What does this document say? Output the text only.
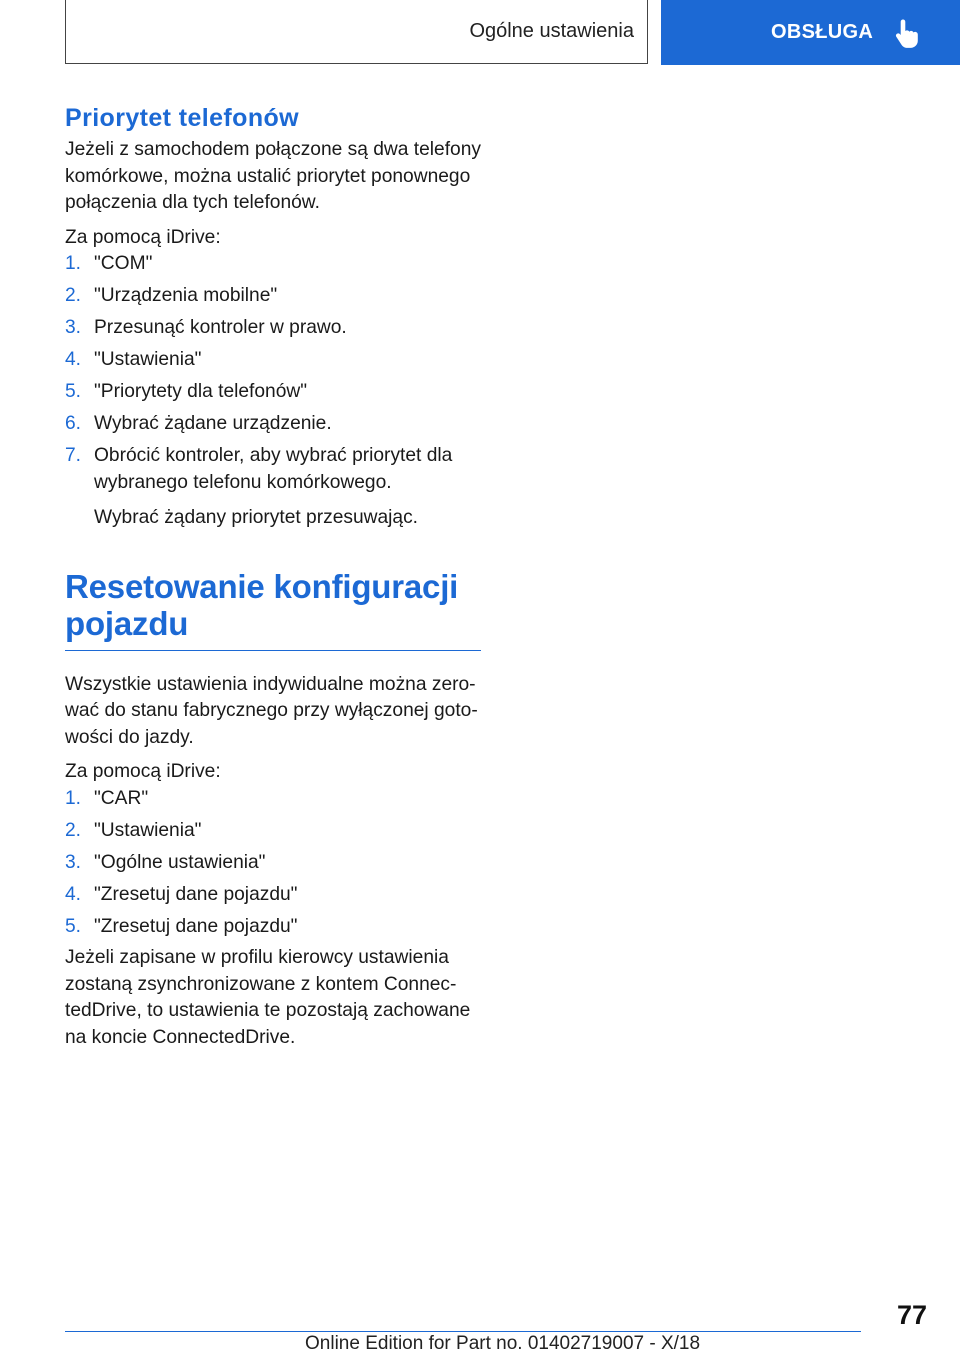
Ogólne ustawienia	OBSŁUGA
Priorytet telefonów

Jeżeli z samochodem połączone są dwa telefony komórkowe, można ustalić priorytet ponownego połączenia dla tych telefonów.

Za pomocą iDrive:

1. "COM"
2. "Urządzenia mobilne"
3. Przesunąć kontroler w prawo.
4. "Ustawienia"
5. "Priorytety dla telefonów"
6. Wybrać żądane urządzenie.
7. Obrócić kontroler, aby wybrać priorytet dla wybranego telefonu komórkowego.
Wybrać żądany priorytet przesuwając.
Resetowanie konfiguracji pojazdu

Wszystkie ustawienia indywidualne można zero-wać do stanu fabrycznego przy wyłączonej goto-wości do jazdy.

Za pomocą iDrive:

1. "CAR"
2. "Ustawienia"
3. "Ogólne ustawienia"
4. "Zresetuj dane pojazdu"
5. "Zresetuj dane pojazdu"

Jeżeli zapisane w profilu kierowcy ustawienia zostaną zsynchronizowane z kontem Connec-tedDrive, to ustawienia te pozostają zachowane na koncie ConnectedDrive.

77
Online Edition for Part no. 01402719007 - X/18
